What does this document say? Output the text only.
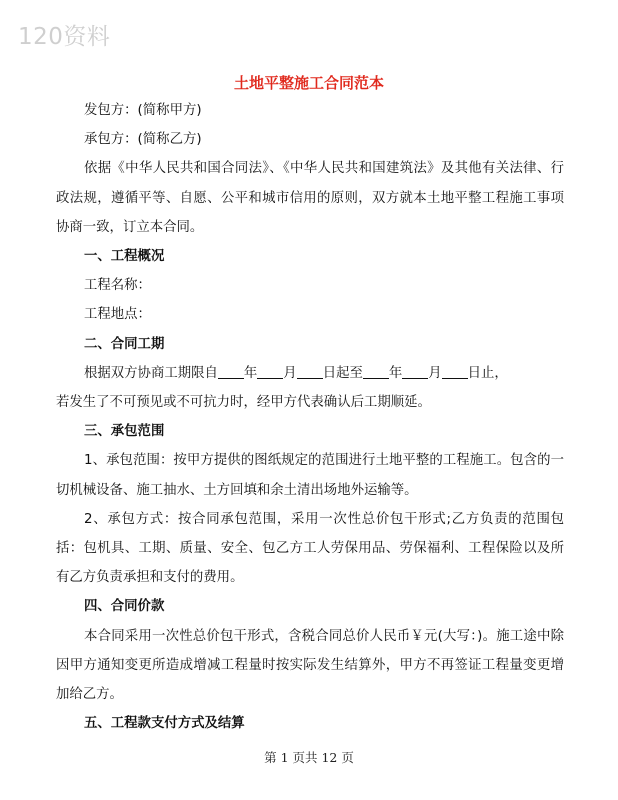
120资料
土地平整施工合同范本

发包方：(简称甲方)

承包方：(简称乙方)

依据《中华人民共和国合同法》、《中华人民共和国建筑法》及其他有关法律、行政法规，遵循平等、自愿、公平和城市信用的原则，双方就本土地平整工程施工事项协商一致，订立本合同。

一、工程概况

工程名称：

工程地点：

二、合同工期

根据双方协商工期限自 年 月 日起至 年 月 日止，

若发生了不可预见或不可抗力时，经甲方代表确认后工期顺延。

三、承包范围

1、承包范围：按甲方提供的图纸规定的范围进行土地平整的工程施工。包含的一切机械设备、施工抽水、土方回填和余土清出场地外运输等。

2、承包方式：按合同承包范围，采用一次性总价包干形式;乙方负责的范围包括：包机具、工期、质量、安全、包乙方工人劳保用品、劳保福利、工程保险以及所有乙方负责承担和支付的费用。

四、合同价款

本合同采用一次性总价包干形式，含税合同总价人民币￥元(大写：)。施工途中除因甲方通知变更所造成增减工程量时按实际发生结算外，甲方不再签证工程量变更增加给乙方。

五、工程款支付方式及结算

第 1 页共 12 页
